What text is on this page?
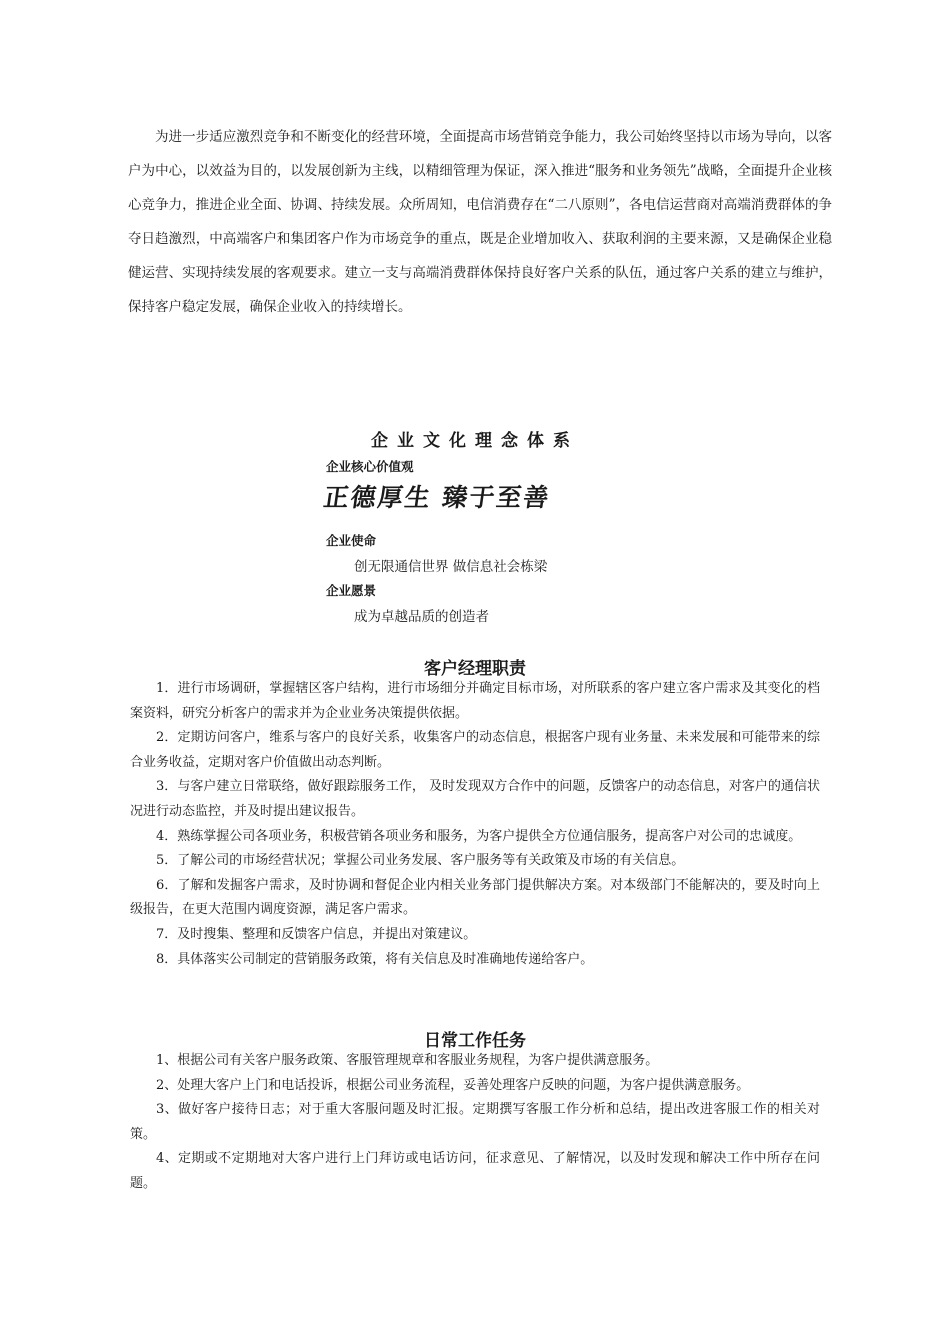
为进一步适应激烈竞争和不断变化的经营环境，全面提高市场营销竞争能力，我公司始终坚持以市场为导向，以客户为中心，以效益为目的，以发展创新为主线，以精细管理为保证，深入推进“服务和业务领先”战略，全面提升企业核心竞争力，推进企业全面、协调、持续发展。众所周知，电信消费存在“二八原则”，各电信运营商对高端消费群体的争夺日趋激烈，中高端客户和集团客户作为市场竞争的重点，既是企业增加收入、获取利润的主要来源，又是确保企业稳健运营、实现持续发展的客观要求。建立一支与高端消费群体保持良好客户关系的队伍，通过客户关系的建立与维护，保持客户稳定发展，确保企业收入的持续增长。

企业文化理念体系
企业核心价值观
正德厚生 臻于至善
企业使命
创无限通信世界 做信息社会栋梁
企业愿景
成为卓越品质的创造者
客户经理职责
1．进行市场调研，掌握辖区客户结构，进行市场细分并确定目标市场，对所联系的客户建立客户需求及其变化的档案资料，研究分析客户的需求并为企业业务决策提供依据。
2．定期访问客户，维系与客户的良好关系，收集客户的动态信息，根据客户现有业务量、未来发展和可能带来的综合业务收益，定期对客户价值做出动态判断。
3．与客户建立日常联络，做好跟踪服务工作， 及时发现双方合作中的问题，反馈客户的动态信息，对客户的通信状况进行动态监控，并及时提出建议报告。
4．熟练掌握公司各项业务，积极营销各项业务和服务，为客户提供全方位通信服务，提高客户对公司的忠诚度。
5．了解公司的市场经营状况；掌握公司业务发展、客户服务等有关政策及市场的有关信息。
6．了解和发掘客户需求，及时协调和督促企业内相关业务部门提供解决方案。对本级部门不能解决的，要及时向上级报告，在更大范围内调度资源，满足客户需求。
7．及时搜集、整理和反馈客户信息，并提出对策建议。
8．具体落实公司制定的营销服务政策，将有关信息及时准确地传递给客户。
日常工作任务
1、根据公司有关客户服务政策、客服管理规章和客服业务规程，为客户提供满意服务。
2、处理大客户上门和电话投诉，根据公司业务流程，妥善处理客户反映的问题，为客户提供满意服务。
3、做好客户接待日志；对于重大客服问题及时汇报。定期撰写客服工作分析和总结，提出改进客服工作的相关对策。
4、定期或不定期地对大客户进行上门拜访或电话访问，征求意见、了解情况，以及时发现和解决工作中所存在问题。
